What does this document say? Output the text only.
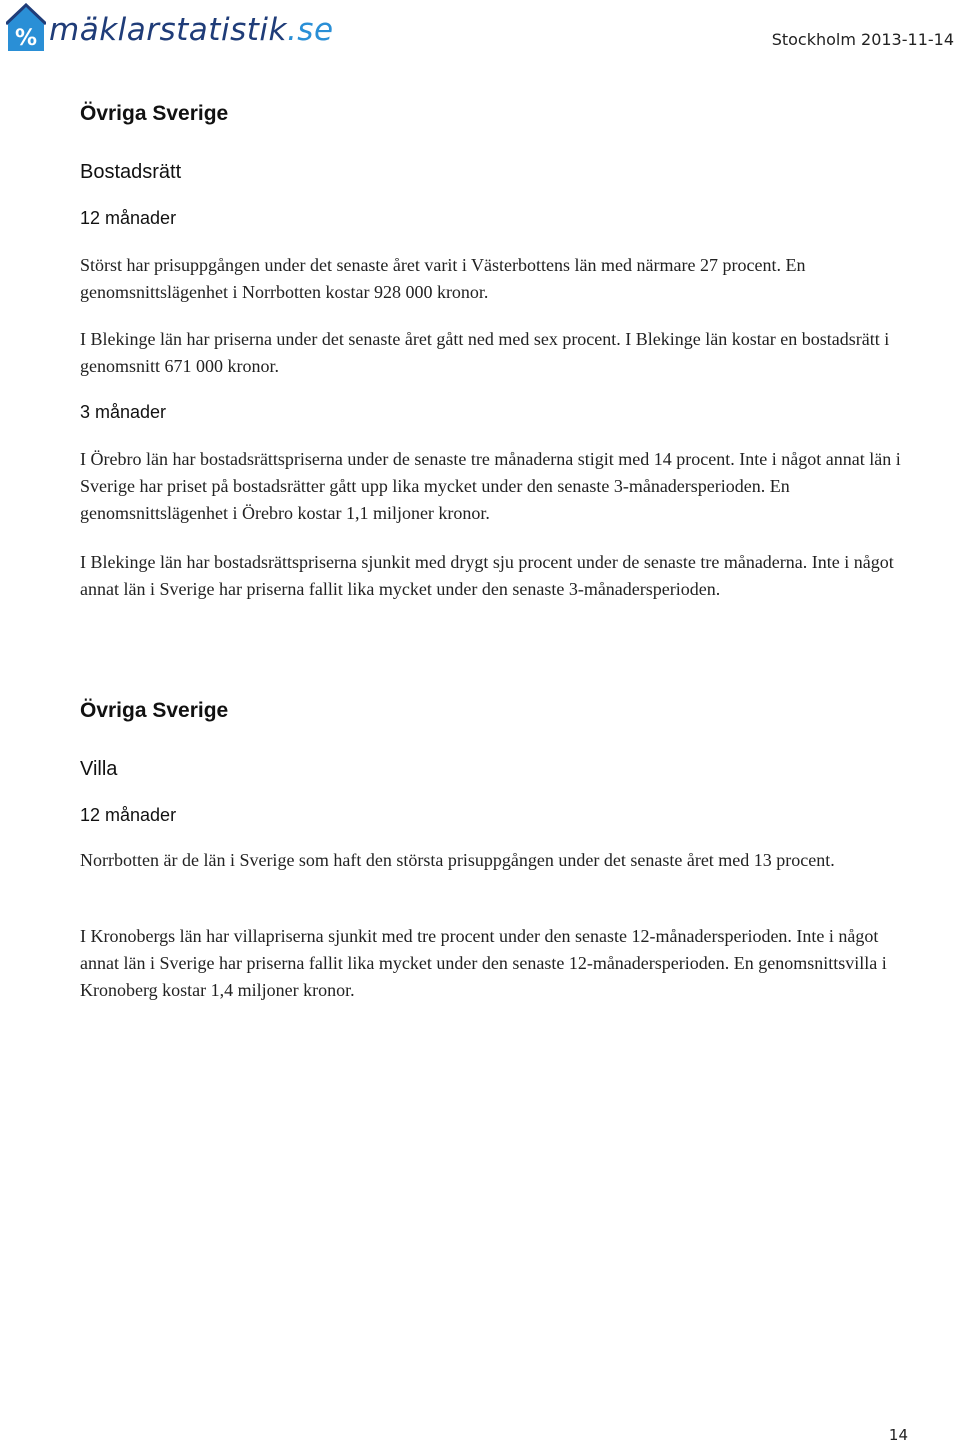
% mäklarstatistik.se	Stockholm 2013-11-14
Övriga Sverige
Bostadsrätt
12 månader

Störst har prisuppgången under det senaste året varit i Västerbottens län med närmare 27 procent. En genomsnittslägenhet i Norrbotten kostar 928 000 kronor.

I Blekinge län har priserna under det senaste året gått ned med sex procent. I Blekinge län kostar en bostadsrätt i genomsnitt 671 000 kronor.

3 månader

I Örebro län har bostadsrättspriserna under de senaste tre månaderna stigit med 14 procent. Inte i något annat län i Sverige har priset på bostadsrätter gått upp lika mycket under den senaste 3-månadersperioden. En genomsnittslägenhet i Örebro kostar 1,1 miljoner kronor.

I Blekinge län har bostadsrättspriserna sjunkit med drygt sju procent under de senaste tre månaderna. Inte i något annat län i Sverige har priserna fallit lika mycket under den senaste 3-månadersperioden.

Övriga Sverige
Villa
12 månader

Norrbotten är de län i Sverige som haft den största prisuppgången under det senaste året med 13 procent.

I Kronobergs län har villapriserna sjunkit med tre procent under den senaste 12-månadersperioden. Inte i något annat län i Sverige har priserna fallit lika mycket under den senaste 12-månadersperioden. En genomsnittsvilla i Kronoberg kostar 1,4 miljoner kronor.

14
